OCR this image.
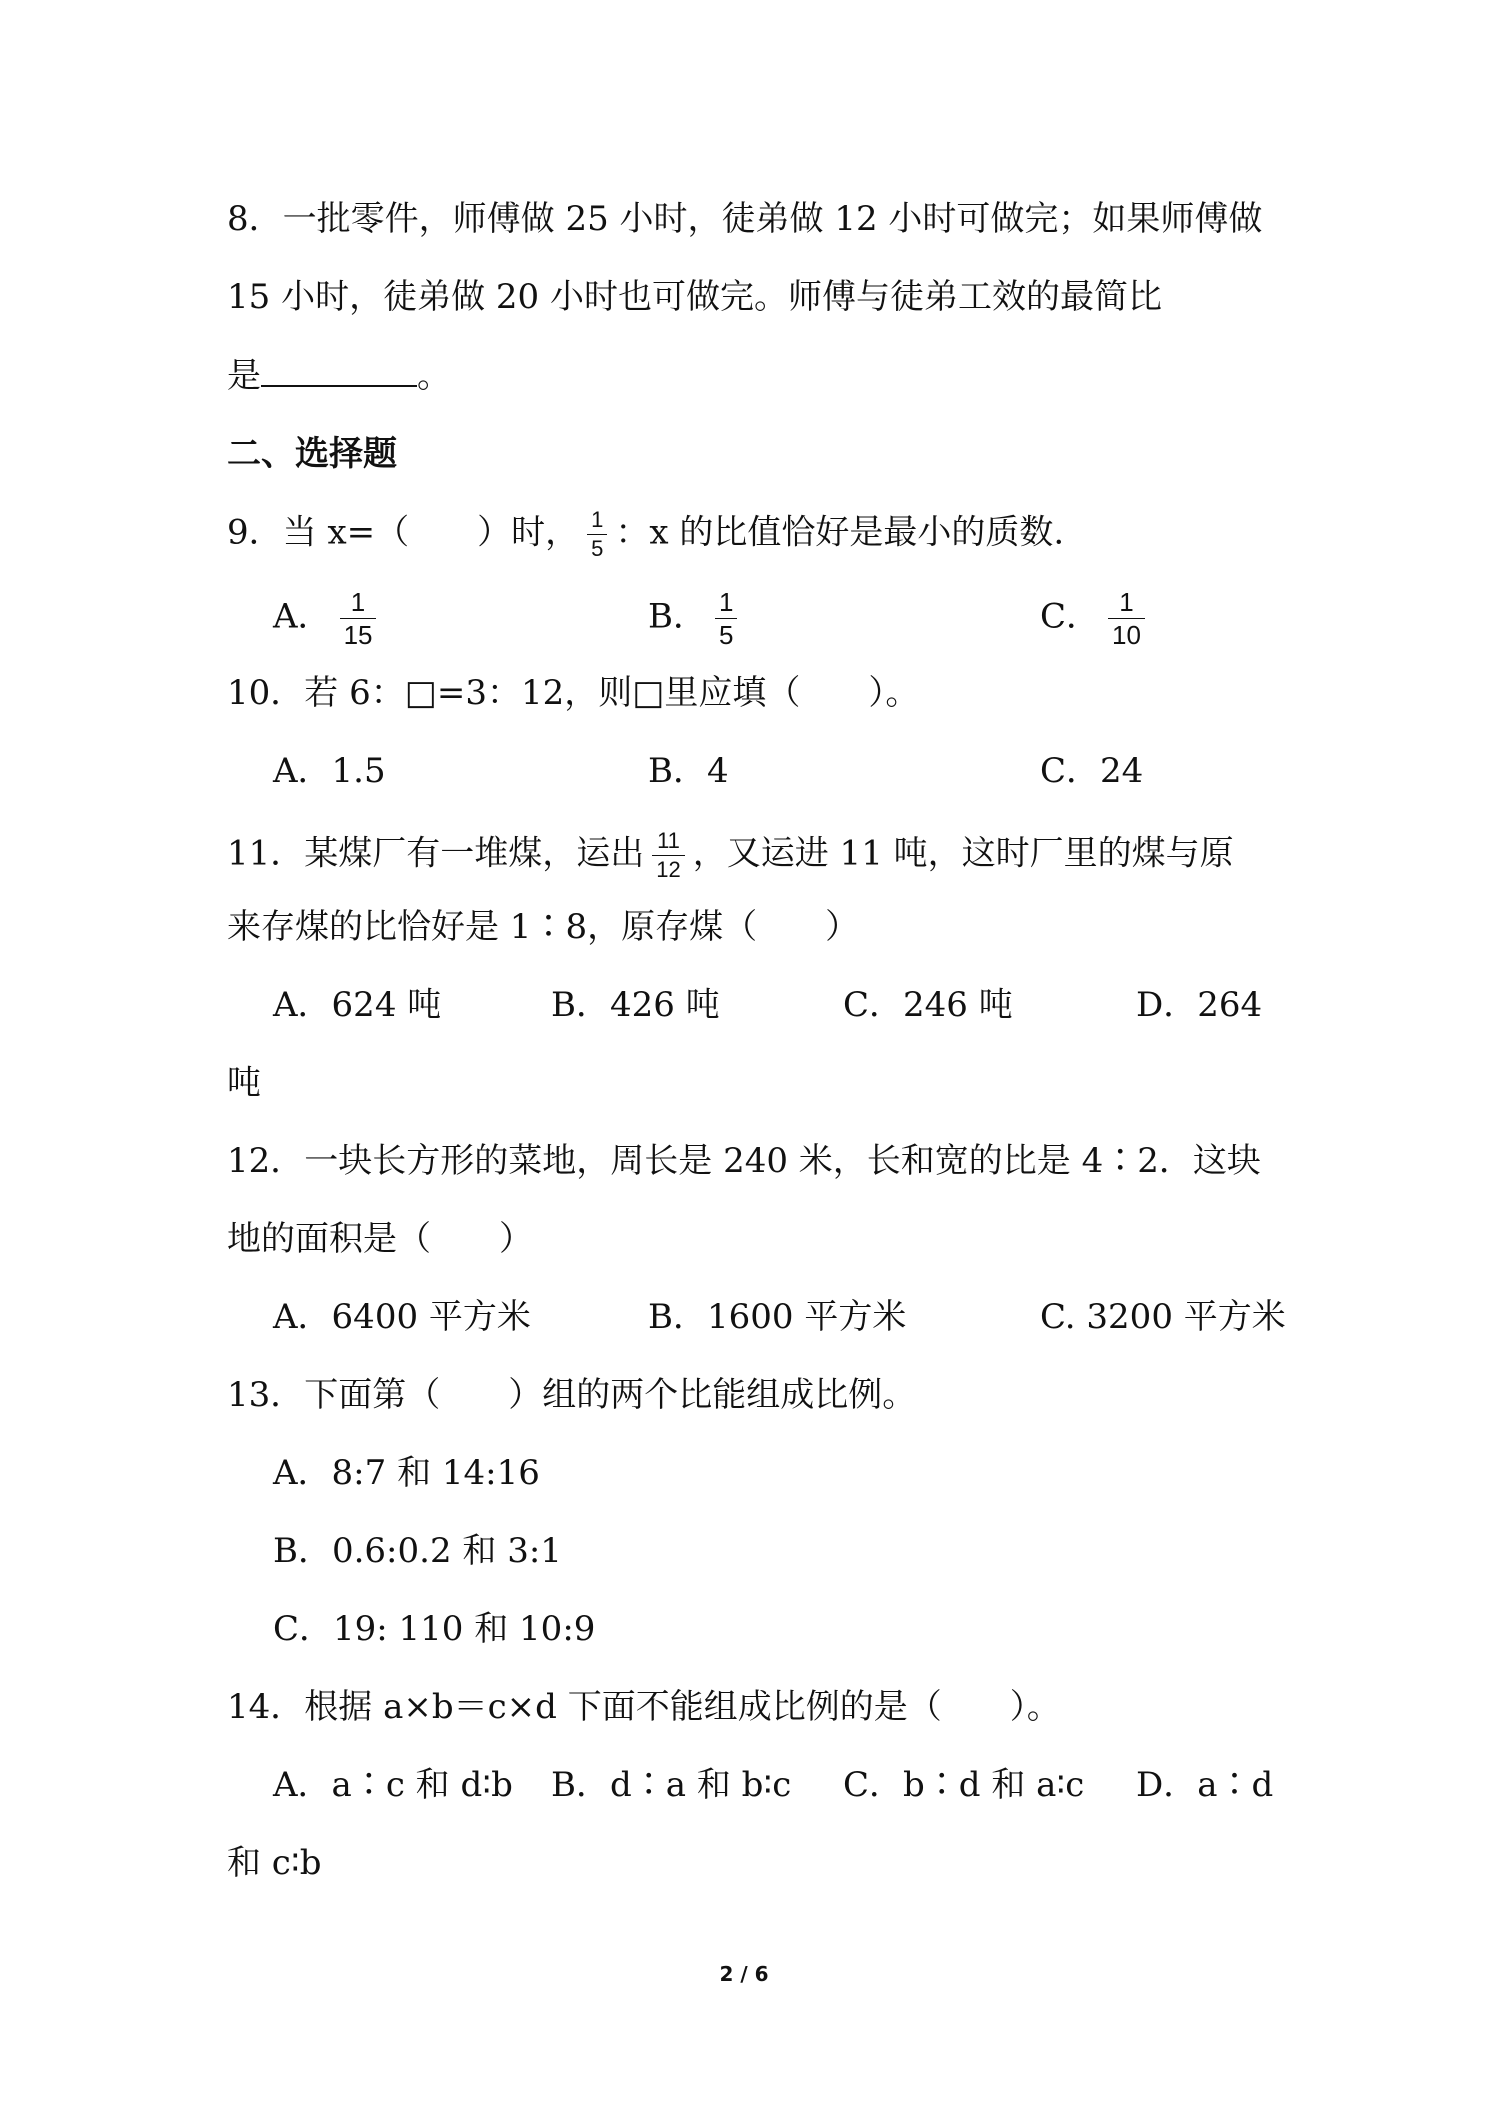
8．一批零件，师傅做 25 小时，徒弟做 12 小时可做完；如果师傅做
15 小时，徒弟做 20 小时也可做完。师傅与徒弟工效的最简比
是	。
二、选择题
9．当 x=（　　）时， $\frac{1}{5}$ ：x 的比值恰好是最小的质数.
A． $\frac{1}{15}$	B． $\frac{1}{5}$	C． $\frac{1}{10}$
10．若 6：□=3：12，则□里应填（　　）。
A．1.5	B．4	C．24
11．某煤厂有一堆煤，运出 $\frac{11}{12}$ ，又运进 11 吨，这时厂里的煤与原
来存煤的比恰好是 1∶8，原存煤（　　）
A．624 吨	B．426 吨	C．246 吨	D．264
吨
12．一块长方形的菜地，周长是 240 米，长和宽的比是 4∶2．这块
地的面积是（　　）
A．6400 平方米	B．1600 平方米	C. 3200 平方米
13．下面第（　　）组的两个比能组成比例。
A．8:7 和 14:16
B．0.6:0.2 和 3:1
C．19: 110 和 10:9
14．根据 a×b＝c×d 下面不能组成比例的是（　　）。
A．a∶c 和 d∶b B．d∶a 和 b∶c C．b∶d 和 a∶c D．a∶d
和 c∶b
2 / 6
